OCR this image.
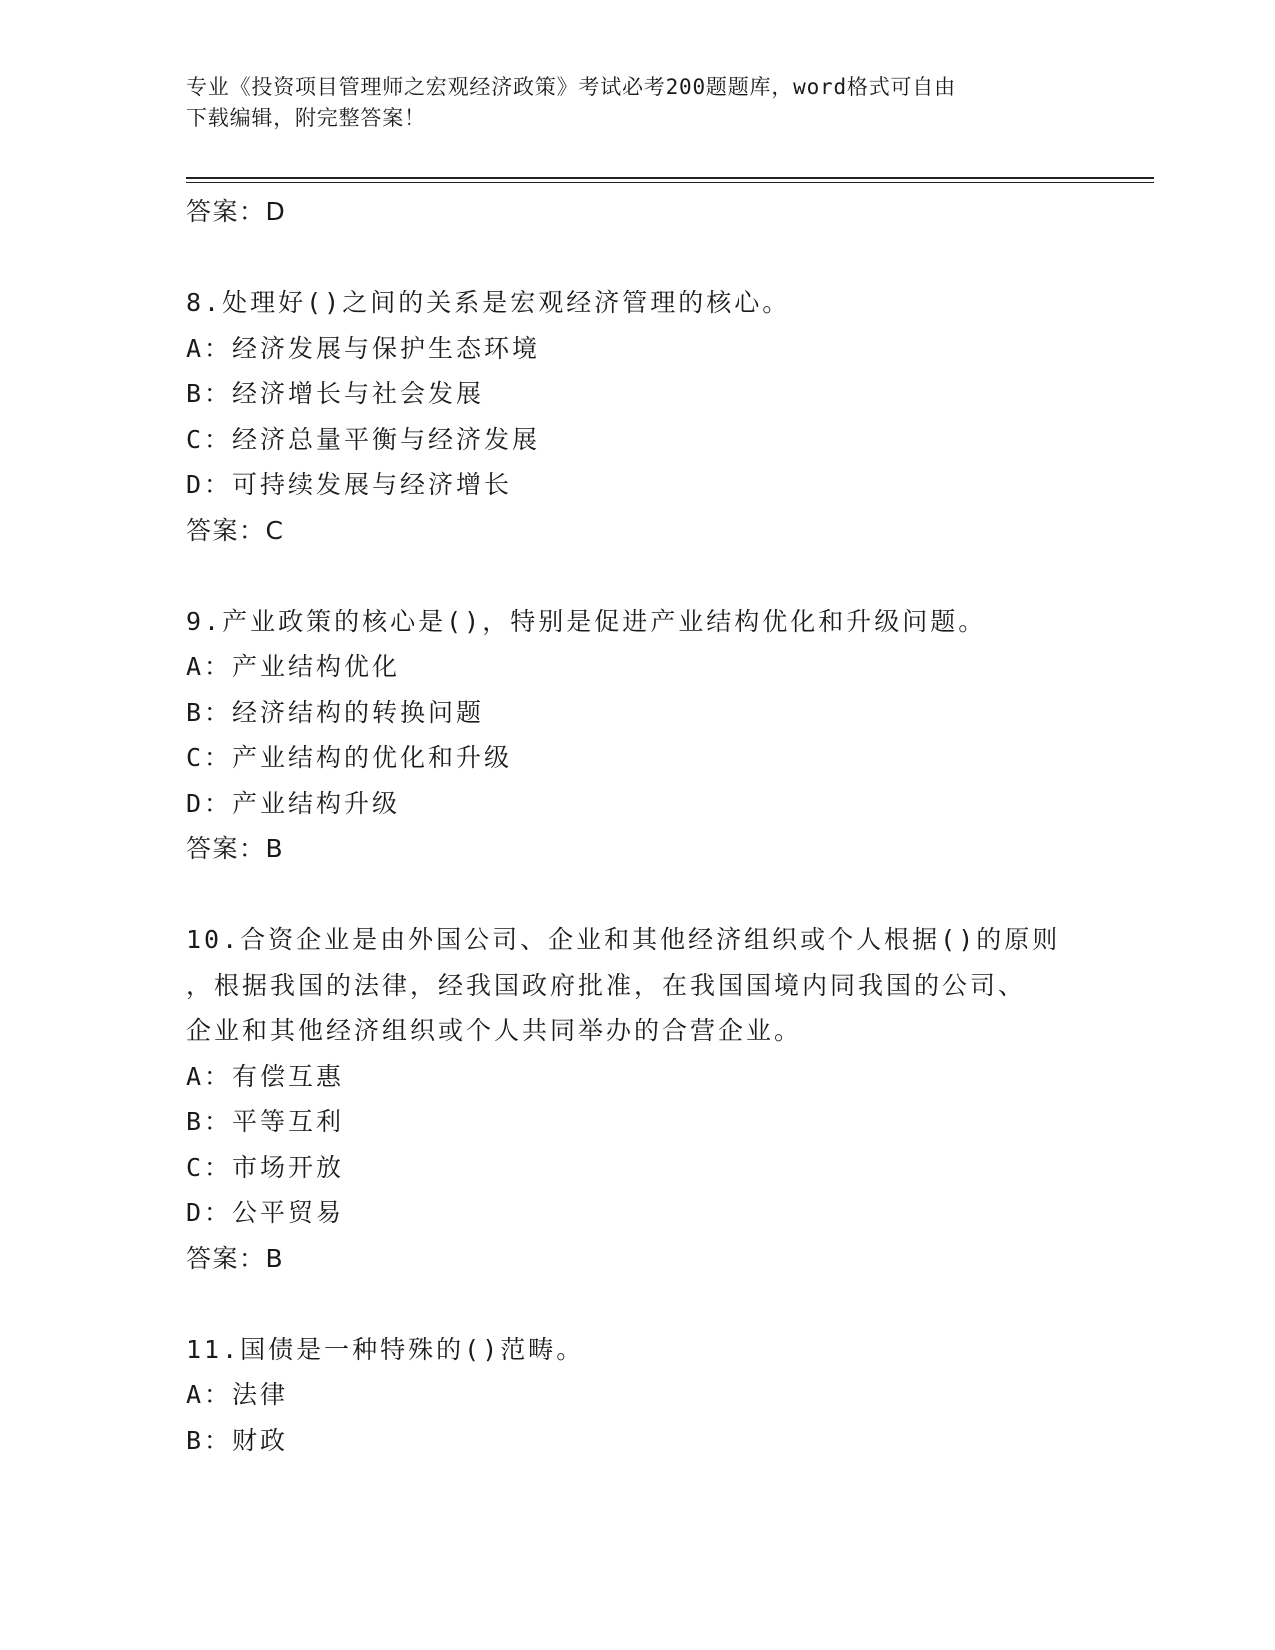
专业《投资项目管理师之宏观经济政策》考试必考200题题库，word格式可自由
下载编辑，附完整答案！
答案：D
8.处理好()之间的关系是宏观经济管理的核心。
A：经济发展与保护生态环境
B：经济增长与社会发展
C：经济总量平衡与经济发展
D：可持续发展与经济增长
答案：C
9.产业政策的核心是()，特别是促进产业结构优化和升级问题。
A：产业结构优化
B：经济结构的转换问题
C：产业结构的优化和升级
D：产业结构升级
答案：B
10.合资企业是由外国公司、企业和其他经济组织或个人根据()的原则
，根据我国的法律，经我国政府批准，在我国国境内同我国的公司、
企业和其他经济组织或个人共同举办的合营企业。
A：有偿互惠
B：平等互利
C：市场开放
D：公平贸易
答案：B
11.国债是一种特殊的()范畴。
A：法律
B：财政
